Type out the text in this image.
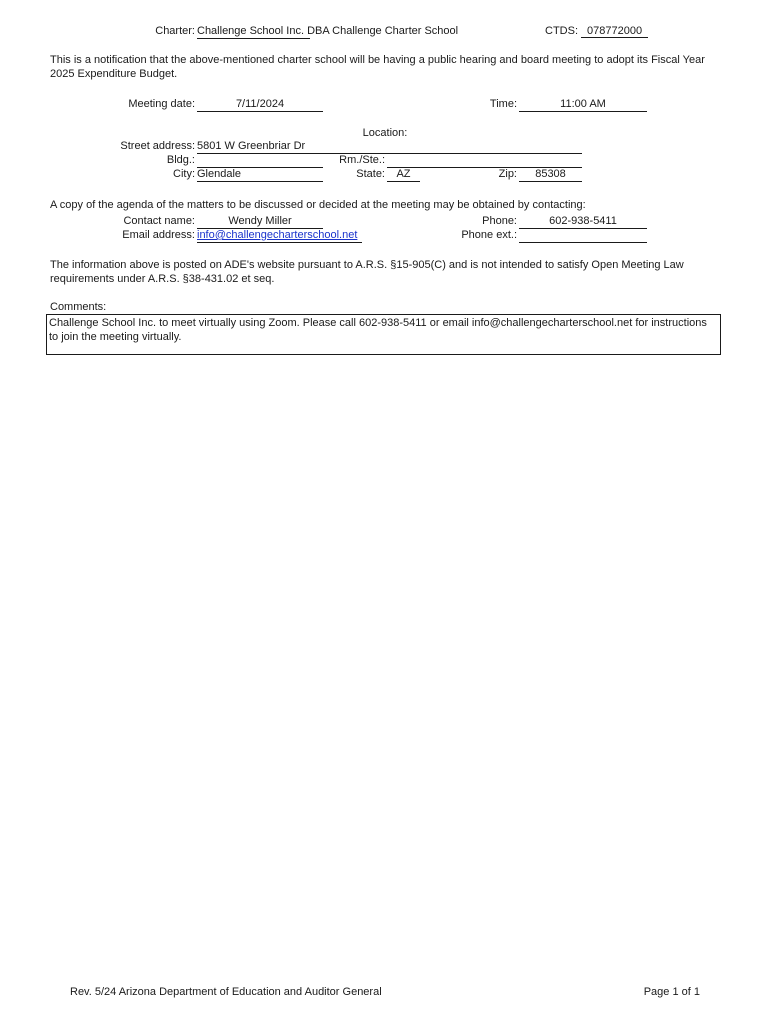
Charter: Challenge School Inc. DBA Challenge Charter School	CTDS: 078772000
This is a notification that the above-mentioned charter school will be having a public hearing and board meeting to adopt its Fiscal Year 2025 Expenditure Budget.
Meeting date:	7/11/2024	Time:	11:00 AM
Location:
Street address: 5801 W Greenbriar Dr
Bldg.:	Rm./Ste.:
City: Glendale	State:	AZ	Zip:	85308
A copy of the agenda of the matters to be discussed or decided at the meeting may be obtained by contacting:
Contact name:	Wendy Miller	Phone:	602-938-5411
Email address: info@challengecharterschool.net	Phone ext.:
The information above is posted on ADE's website pursuant to A.R.S. §15-905(C) and is not intended to satisfy Open Meeting Law requirements under A.R.S. §38-431.02 et seq.
Comments:
Challenge School Inc. to meet virtually using Zoom. Please call 602-938-5411 or email info@challengecharterschool.net for instructions to join the meeting virtually.
Rev. 5/24 Arizona Department of Education and Auditor General	Page 1 of 1
